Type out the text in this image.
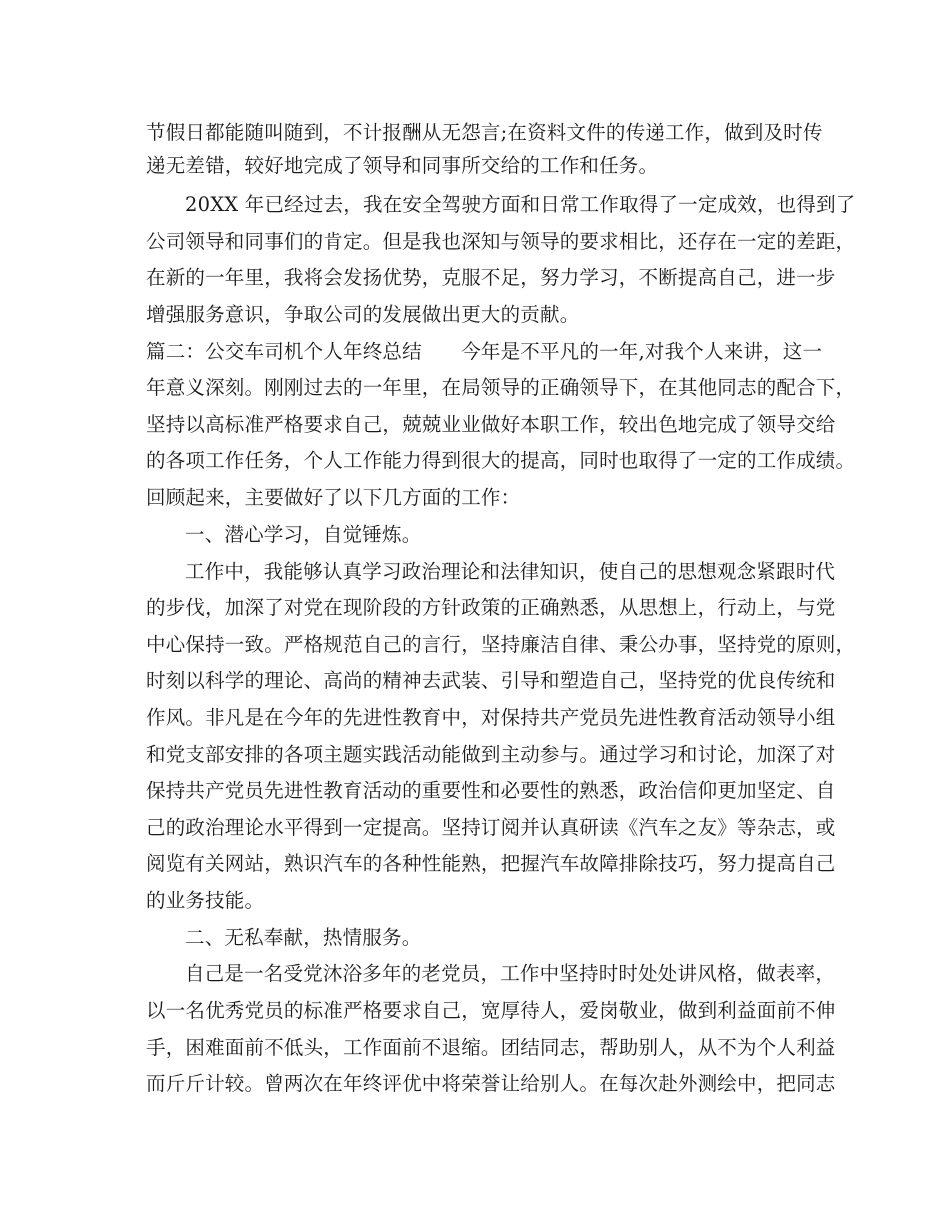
节假日都能随叫随到，不计报酬从无怨言;在资料文件的传递工作，做到及时传

递无差错，较好地完成了领导和同事所交给的工作和任务。

20XX 年已经过去，我在安全驾驶方面和日常工作取得了一定成效，也得到了

公司领导和同事们的肯定。但是我也深知与领导的要求相比，还存在一定的差距，

在新的一年里，我将会发扬优势，克服不足，努力学习，不断提高自己，进一步

增强服务意识，争取公司的发展做出更大的贡献。

篇二：公交车司机个人年终总结　　今年是不平凡的一年,对我个人来讲，这一

年意义深刻。刚刚过去的一年里，在局领导的正确领导下，在其他同志的配合下，

坚持以高标准严格要求自己，兢兢业业做好本职工作，较出色地完成了领导交给

的各项工作任务，个人工作能力得到很大的提高，同时也取得了一定的工作成绩。

回顾起来，主要做好了以下几方面的工作：

一、潜心学习，自觉锤炼。

工作中，我能够认真学习政治理论和法律知识，使自己的思想观念紧跟时代

的步伐，加深了对党在现阶段的方针政策的正确熟悉，从思想上，行动上，与党

中心保持一致。严格规范自己的言行，坚持廉洁自律、秉公办事，坚持党的原则，

时刻以科学的理论、高尚的精神去武装、引导和塑造自己，坚持党的优良传统和

作风。非凡是在今年的先进性教育中，对保持共产党员先进性教育活动领导小组

和党支部安排的各项主题实践活动能做到主动参与。通过学习和讨论，加深了对

保持共产党员先进性教育活动的重要性和必要性的熟悉，政治信仰更加坚定、自

己的政治理论水平得到一定提高。坚持订阅并认真研读《汽车之友》等杂志，或

阅览有关网站，熟识汽车的各种性能熟，把握汽车故障排除技巧，努力提高自己

的业务技能。

二、无私奉献，热情服务。

自己是一名受党沐浴多年的老党员，工作中坚持时时处处讲风格，做表率，

以一名优秀党员的标准严格要求自己，宽厚待人，爱岗敬业，做到利益面前不伸

手，困难面前不低头，工作面前不退缩。团结同志，帮助别人，从不为个人利益

而斤斤计较。曾两次在年终评优中将荣誉让给别人。在每次赴外测绘中，把同志
